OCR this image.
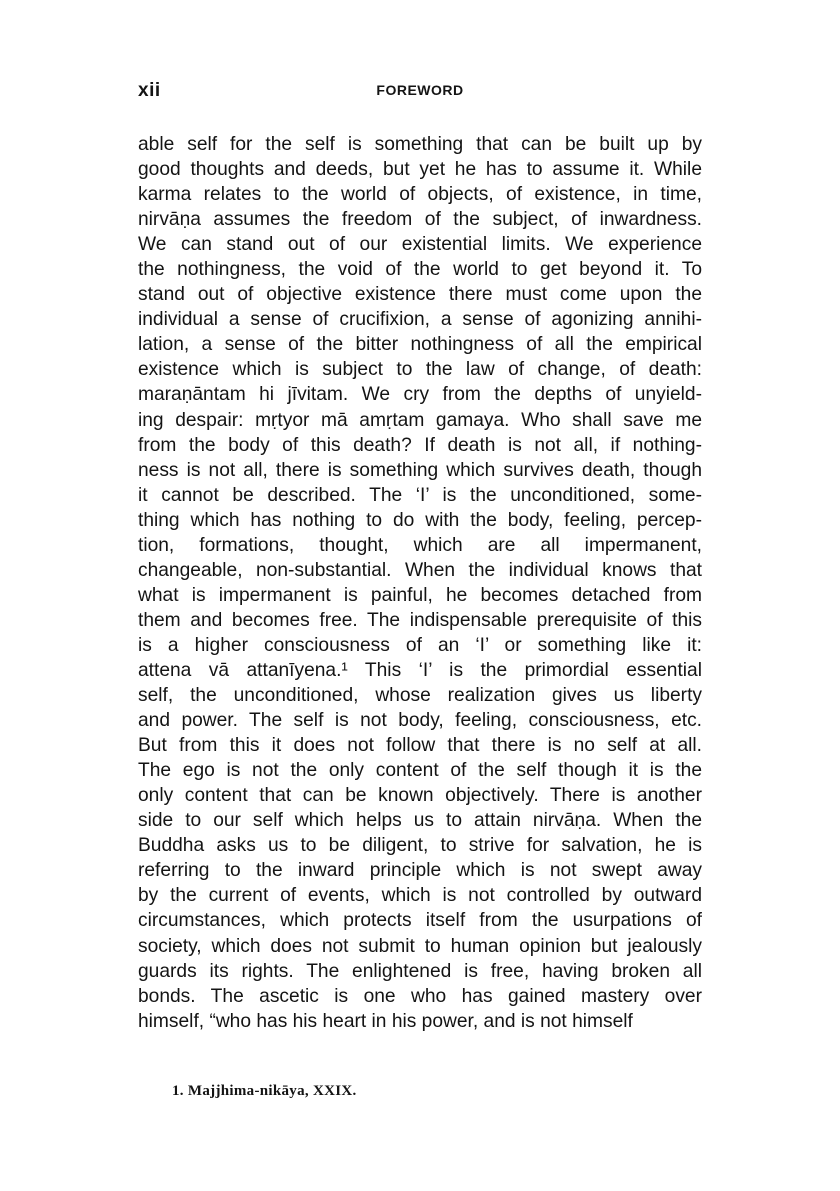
xii	FOREWORD
able self for the self is something that can be built up by
good thoughts and deeds, but yet he has to assume it. While
karma relates to the world of objects, of existence, in time,
nirvāṇa assumes the freedom of the subject, of inwardness.
We can stand out of our existential limits. We experience
the nothingness, the void of the world to get beyond it. To
stand out of objective existence there must come upon the
individual a sense of crucifixion, a sense of agonizing annihi-
lation, a sense of the bitter nothingness of all the empirical
existence which is subject to the law of change, of death:
maraṇāntam hi jīvitam. We cry from the depths of unyield-
ing despair: mṛtyor mā amṛtam gamaya. Who shall save me
from the body of this death? If death is not all, if nothing-
ness is not all, there is something which survives death, though
it cannot be described. The ‘I’ is the unconditioned, some-
thing which has nothing to do with the body, feeling, percep-
tion, formations, thought, which are all impermanent,
changeable, non-substantial. When the individual knows that
what is impermanent is painful, he becomes detached from
them and becomes free. The indispensable prerequisite of this
is a higher consciousness of an ‘I’ or something like it:
attena vā attanīyena.¹ This ‘I’ is the primordial essential
self, the unconditioned, whose realization gives us liberty
and power. The self is not body, feeling, consciousness, etc.
But from this it does not follow that there is no self at all.
The ego is not the only content of the self though it is the
only content that can be known objectively. There is another
side to our self which helps us to attain nirvāṇa. When the
Buddha asks us to be diligent, to strive for salvation, he is
referring to the inward principle which is not swept away
by the current of events, which is not controlled by outward
circumstances, which protects itself from the usurpations of
society, which does not submit to human opinion but jealously
guards its rights. The enlightened is free, having broken all
bonds. The ascetic is one who has gained mastery over
himself, “who has his heart in his power, and is not himself
1. Majjhima-nikāya, XXIX.
